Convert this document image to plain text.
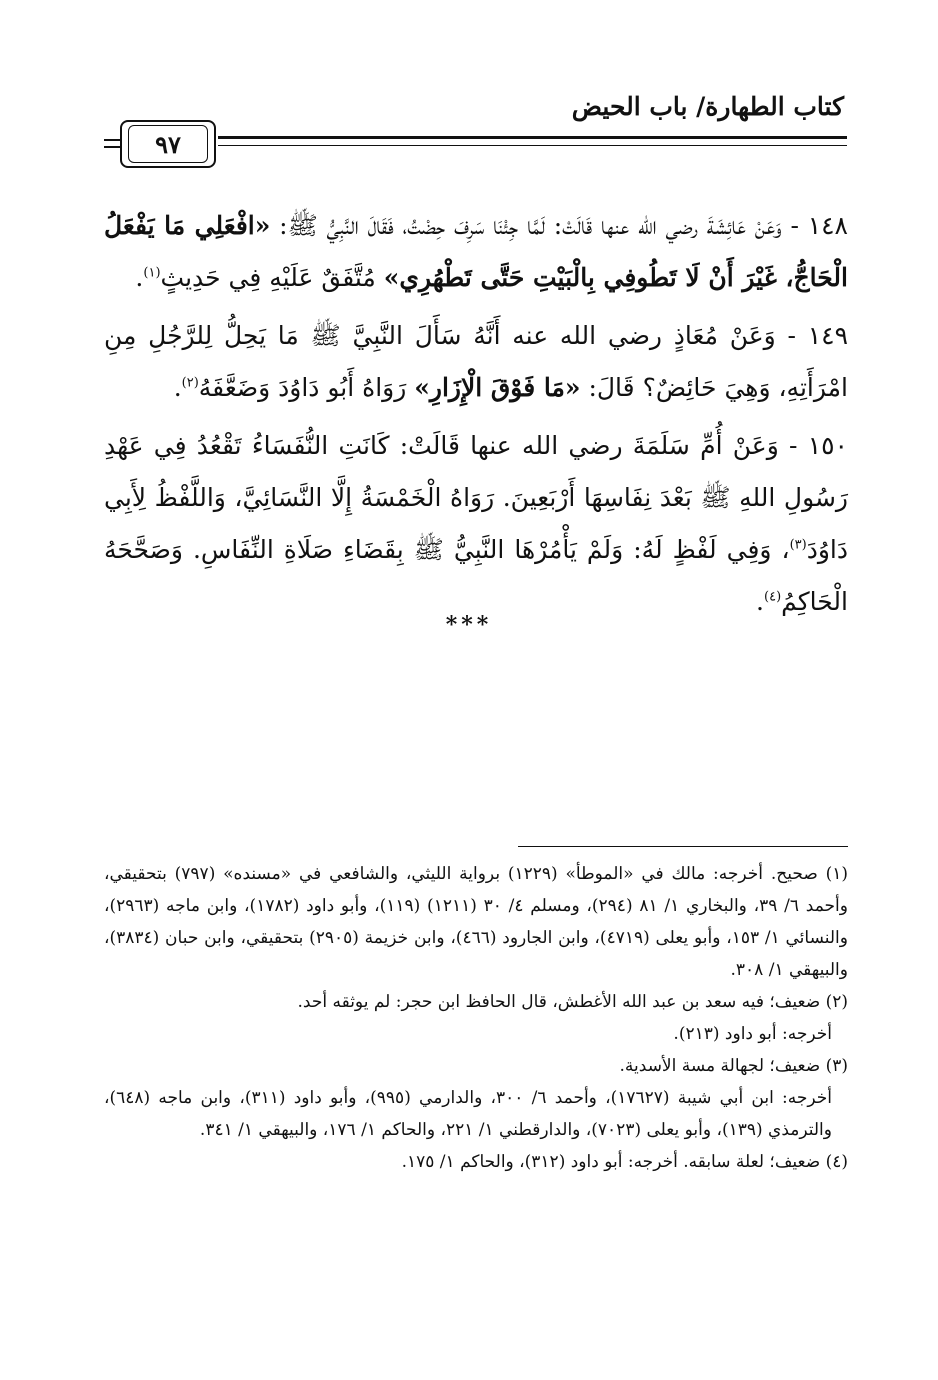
كتاب الطهارة/ باب الحيض
٩٧

١٤٨ - وَعَنْ عَائِشَةَ رضي الله عنها قَالَتْ: لَمَّا جِئْنَا سَرِفَ حِضْتُ، فَقَالَ النَّبِيُّ ﷺ: «افْعَلِي مَا يَفْعَلُ الْحَاجُّ، غَيْرَ أَنْ لَا تَطُوفِي بِالْبَيْتِ حَتَّى تَطْهُرِي» مُتَّفَقٌ عَلَيْهِ فِي حَدِيثٍ$^{(١)}$.

١٤٩ - وَعَنْ مُعَاذٍ رضي الله عنه أَنَّهُ سَأَلَ النَّبِيَّ ﷺ مَا يَحِلُّ لِلرَّجُلِ مِنِ امْرَأَتِهِ، وَهِيَ حَائِضٌ؟ قَالَ: «مَا فَوْقَ الْإِزَارِ» رَوَاهُ أَبُو دَاوُدَ وَضَعَّفَهُ$^{(٢)}$.

١٥٠ - وَعَنْ أُمِّ سَلَمَةَ رضي الله عنها قَالَتْ: كَانَتِ النُّفَسَاءُ تَقْعُدُ فِي عَهْدِ رَسُولِ اللهِ ﷺ بَعْدَ نِفَاسِهَا أَرْبَعِينَ. رَوَاهُ الْخَمْسَةُ إِلَّا النَّسَائِيَّ، وَاللَّفْظُ لِأَبِي دَاوُدَ$^{(٣)}$، وَفِي لَفْظٍ لَهُ: وَلَمْ يَأْمُرْهَا النَّبِيُّ ﷺ بِقَضَاءِ صَلَاةِ النِّفَاسِ. وَصَحَّحَهُ الْحَاكِمُ$^{(٤)}$.

***

(١) صحيح. أخرجه: مالك في «الموطأ» (١٢٢٩) برواية الليثي، والشافعي في «مسنده» (٧٩٧) بتحقيقي، وأحمد ٦/ ٣٩، والبخاري ١/ ٨١ (٢٩٤)، ومسلم ٤/ ٣٠ (١٢١١) (١١٩)، وأبو داود (١٧٨٢)، وابن ماجه (٢٩٦٣)، والنسائي ١/ ١٥٣، وأبو يعلى (٤٧١٩)، وابن الجارود (٤٦٦)، وابن خزيمة (٢٩٠٥) بتحقيقي، وابن حبان (٣٨٣٤)، والبيهقي ١/ ٣٠٨.

(٢) ضعيف؛ فيه سعد بن عبد الله الأغطش، قال الحافظ ابن حجر: لم يوثقه أحد.

أخرجه: أبو داود (٢١٣).

(٣) ضعيف؛ لجهالة مسة الأسدية.

أخرجه: ابن أبي شيبة (١٧٦٢٧)، وأحمد ٦/ ٣٠٠، والدارمي (٩٩٥)، وأبو داود (٣١١)، وابن ماجه (٦٤٨)، والترمذي (١٣٩)، وأبو يعلى (٧٠٢٣)، والدارقطني ١/ ٢٢١، والحاكم ١/ ١٧٦، والبيهقي ١/ ٣٤١.

(٤) ضعيف؛ لعلة سابقه. أخرجه: أبو داود (٣١٢)، والحاكم ١/ ١٧٥.
